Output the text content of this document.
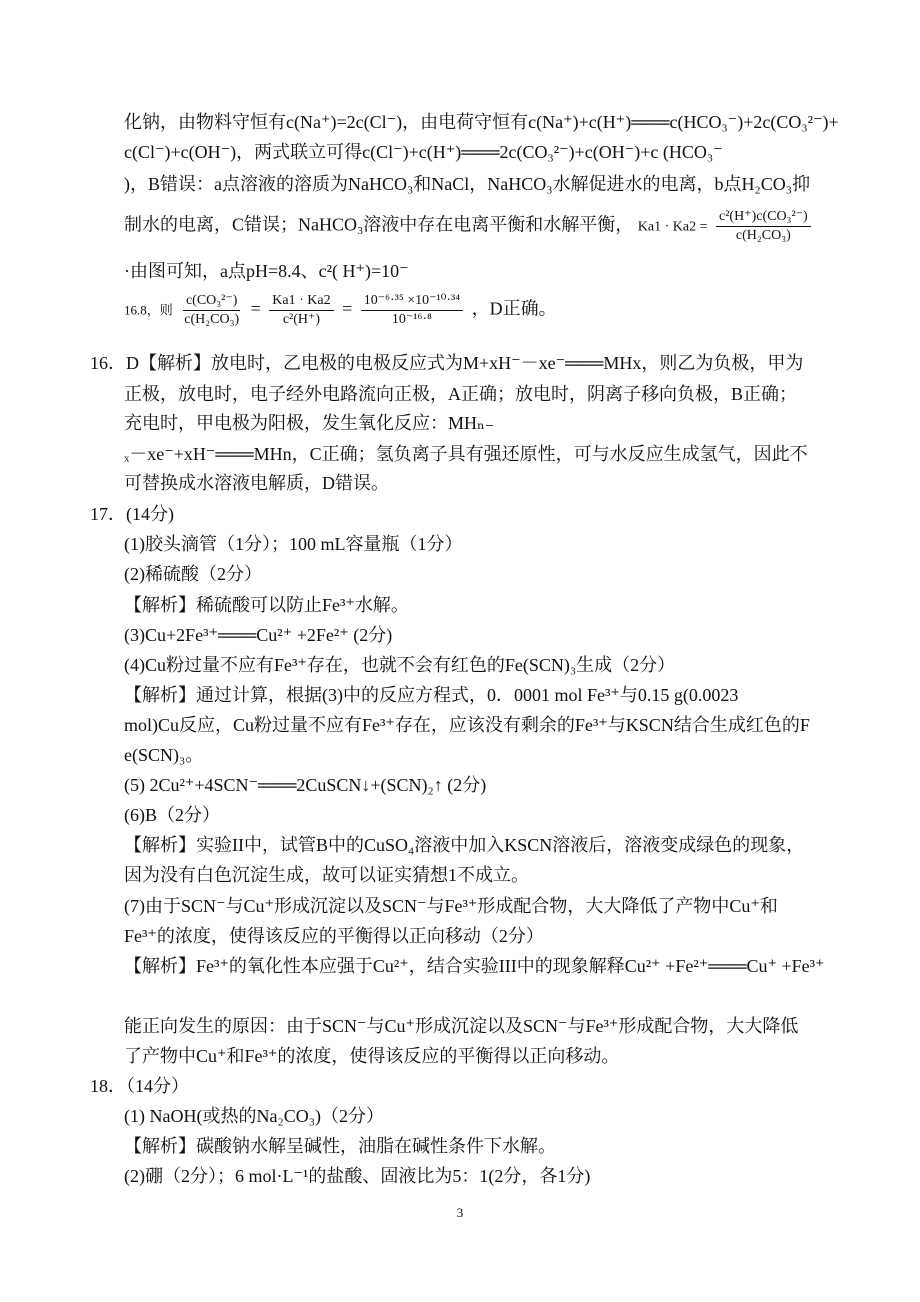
化钠，由物料守恒有c(Na⁺)=2c(Cl⁻)，由电荷守恒有c(Na⁺)+c(H⁺)═══c(HCO₃⁻)+2c(CO₃²⁻)+
c(Cl⁻)+c(OH⁻)，两式联立可得c(Cl⁻)+c(H⁺)═══2c(CO₃²⁻)+c(OH⁻)+c (HCO₃⁻
)，B错误：a点溶液的溶质为NaHCO₃和NaCl，NaHCO₃水解促进水的电离，b点H₂CO₃抑
制水的电离，C错误；NaHCO₃溶液中存在电离平衡和水解平衡， $Ka1 \cdot Ka2 = \frac{\text{c²(H⁺)c(CO₃²⁻)}}{\text{c(H₂CO₃)}}$
·由图可知，a点pH=8.4、c²( H⁺)=10⁻
16.8，则 $\frac{\text{c(CO₃²⁻)}}{\text{c(H₂CO₃)}} = \frac{Ka1 \cdot Ka2}{\text{c²(H⁺)}} = \frac{\text{10⁻⁶·³⁵ ×10⁻¹⁰·³⁴}}{\text{10⁻¹⁶·⁸}}$ ，D正确。
16．D【解析】放电时，乙电极的电极反应式为M+xH⁻－xe⁻═══MHx，则乙为负极，甲为
正极，放电时，电子经外电路流向正极，A正确；放电时，阴离子移向负极，B正确；
充电时，甲电极为阳极，发生氧化反应：MHₙ₋
ₓ－xe⁻+xH⁻═══MHn，C正确；氢负离子具有强还原性，可与水反应生成氢气，因此不
可替换成水溶液电解质，D错误。
17．(14分)
(1)胶头滴管（1分）；100 mL容量瓶（1分）
(2)稀硫酸（2分）
【解析】稀硫酸可以防止Fe³⁺水解。
(3)Cu+2Fe³⁺═══Cu²⁺ +2Fe²⁺ (2分)
(4)Cu粉过量不应有Fe³⁺存在，也就不会有红色的Fe(SCN)₃生成（2分）
【解析】通过计算，根据(3)中的反应方程式，0．0001 mol Fe³⁺与0.15 g(0.0023
mol)Cu反应，Cu粉过量不应有Fe³⁺存在，应该没有剩余的Fe³⁺与KSCN结合生成红色的F
e(SCN)₃。
(5) 2Cu²⁺+4SCN⁻═══2CuSCN↓+(SCN)₂↑ (2分)
(6)B（2分）
【解析】实验II中，试管B中的CuSO₄溶液中加入KSCN溶液后，溶液变成绿色的现象，
因为没有白色沉淀生成，故可以证实猜想1不成立。
(7)由于SCN⁻与Cu⁺形成沉淀以及SCN⁻与Fe³⁺形成配合物，大大降低了产物中Cu⁺和
Fe³⁺的浓度，使得该反应的平衡得以正向移动（2分）
【解析】Fe³⁺的氧化性本应强于Cu²⁺，结合实验III中的现象解释Cu²⁺ +Fe²⁺═══Cu⁺ +Fe³⁺
能正向发生的原因：由于SCN⁻与Cu⁺形成沉淀以及SCN⁻与Fe³⁺形成配合物，大大降低
了产物中Cu⁺和Fe³⁺的浓度，使得该反应的平衡得以正向移动。
18．（14分）
(1) NaOH(或热的Na₂CO₃)（2分）
【解析】碳酸钠水解呈碱性，油脂在碱性条件下水解。
(2)硼（2分）；6 mol·L⁻¹的盐酸、固液比为5：1(2分，各1分)
3
